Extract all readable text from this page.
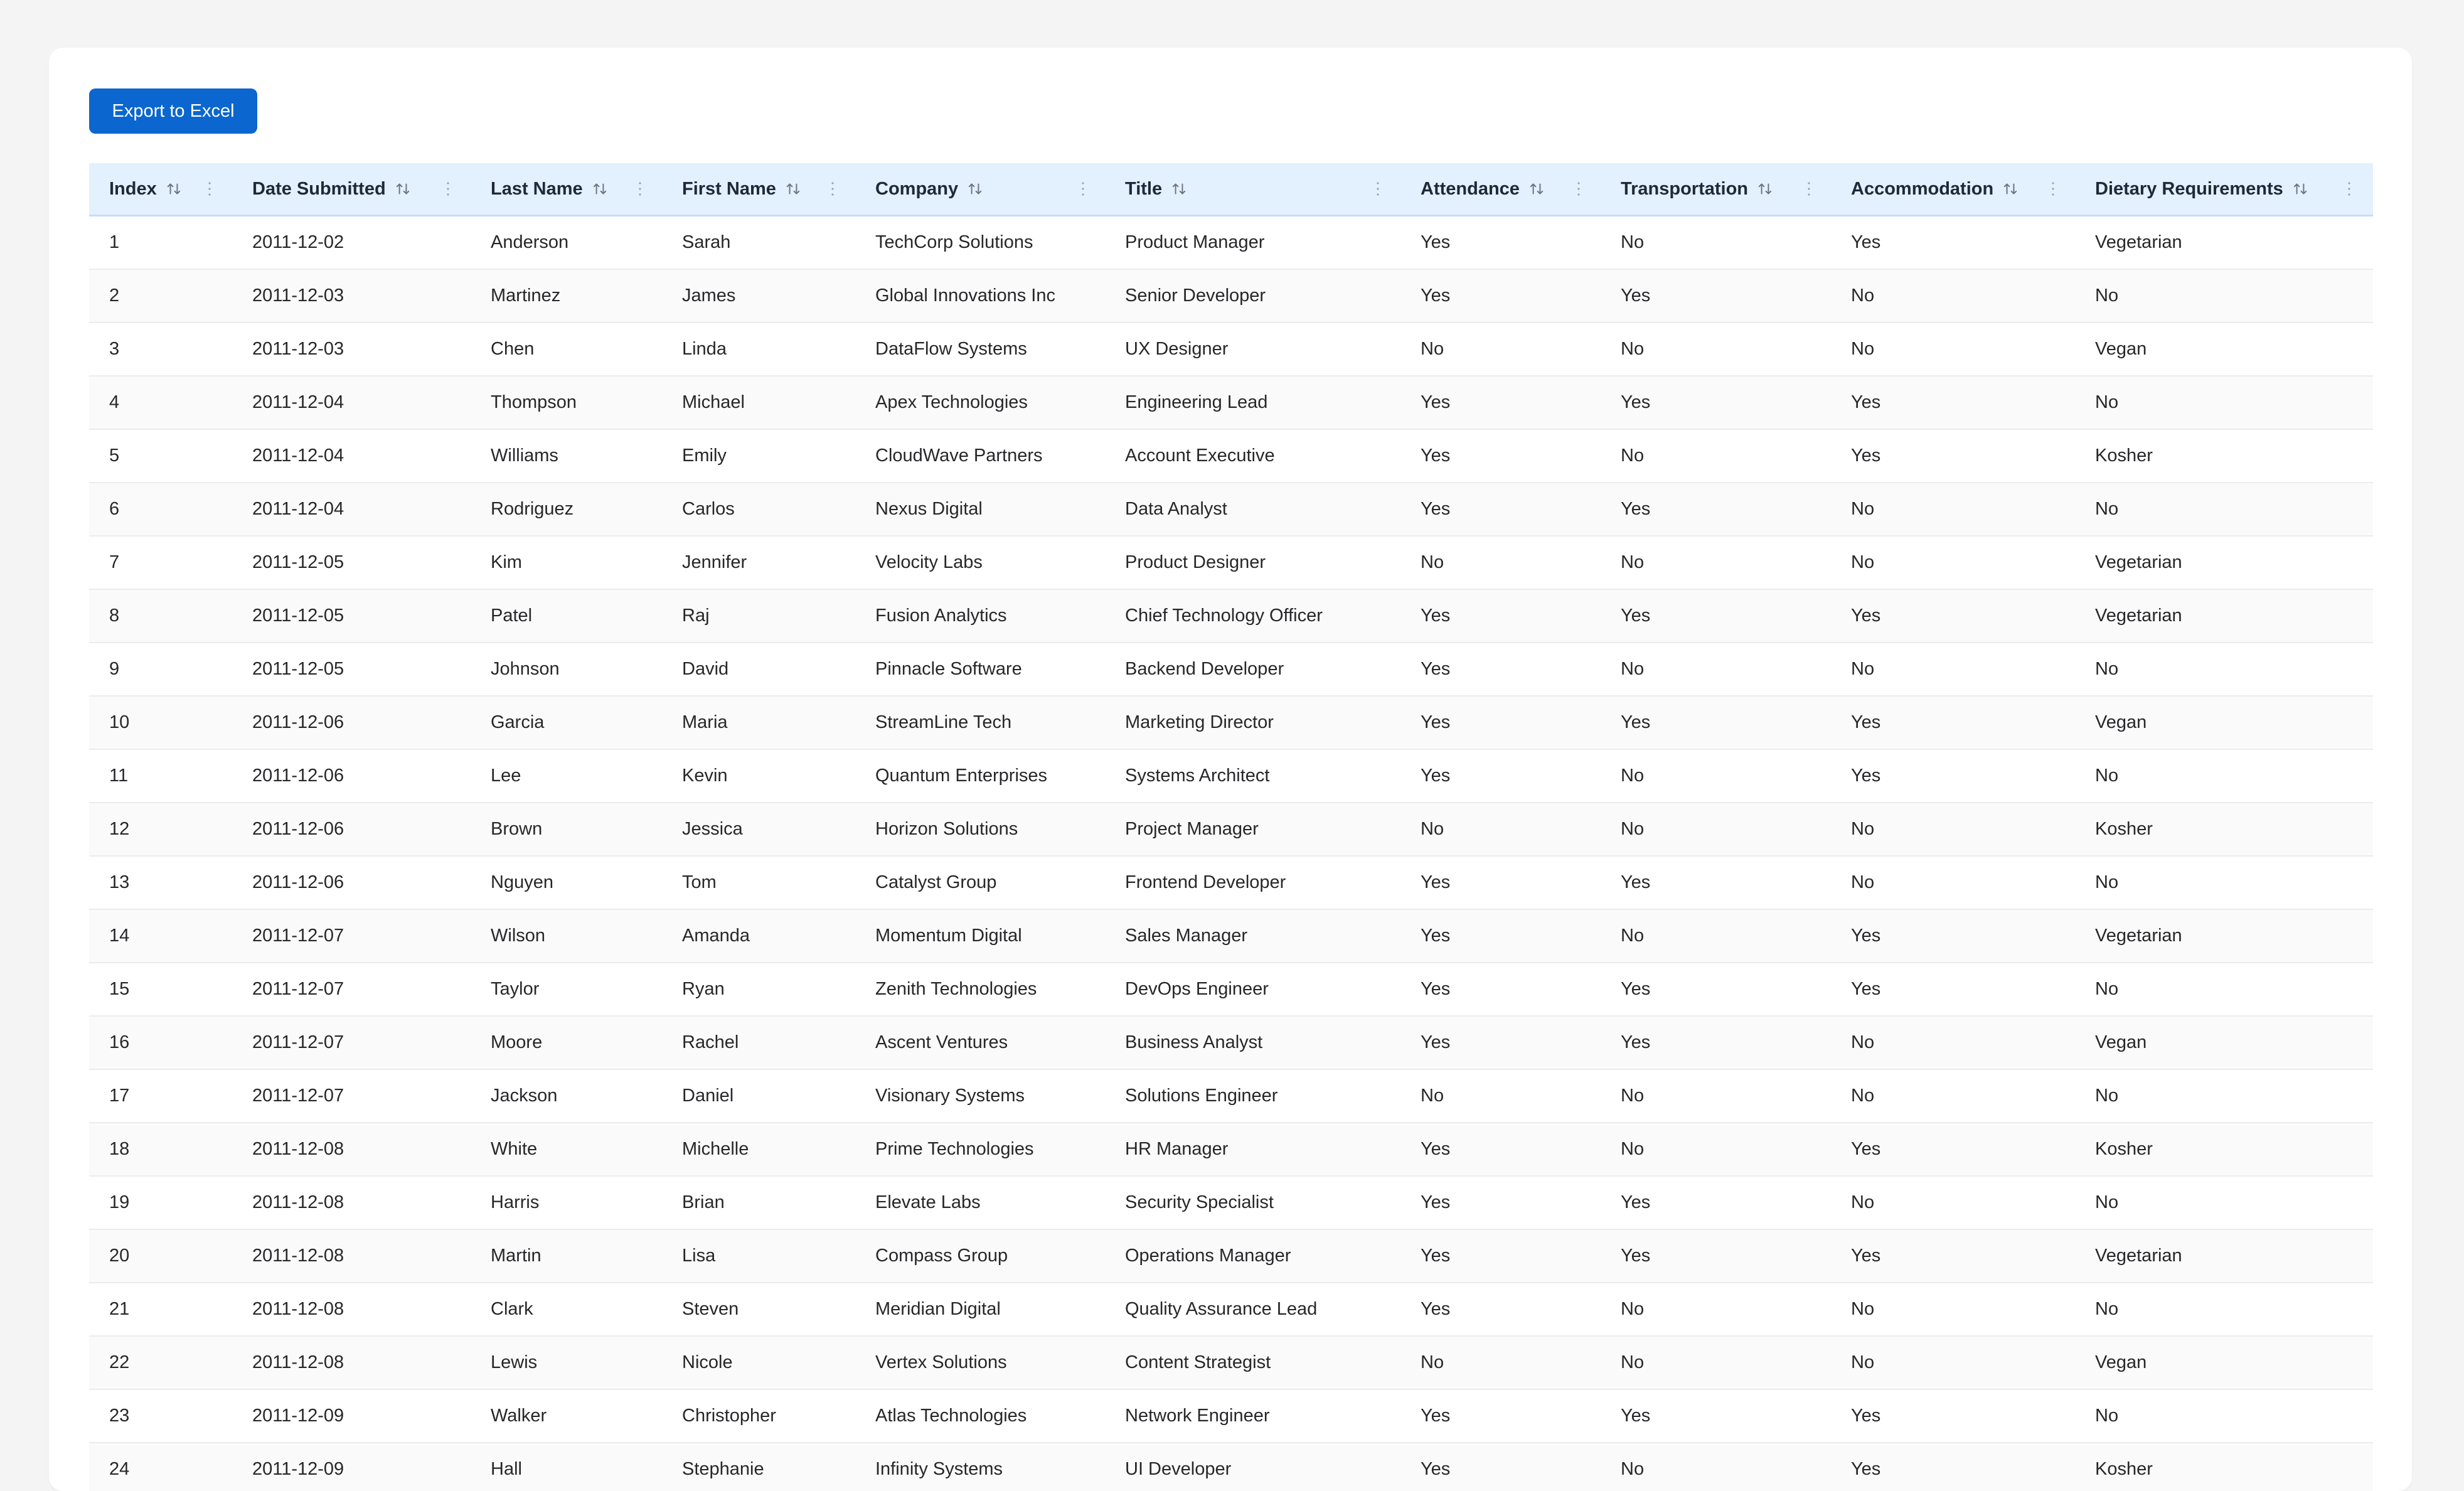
Export to Excel
Index	Date Submitted	Last Name	First Name	Company	Title	Attendance	Transportation	Accommodation	Dietary Requirements
1	2011-12-02	Anderson	Sarah	TechCorp Solutions	Product Manager	Yes	No	Yes	Vegetarian
2	2011-12-03	Martinez	James	Global Innovations Inc	Senior Developer	Yes	Yes	No	No
3	2011-12-03	Chen	Linda	DataFlow Systems	UX Designer	No	No	No	Vegan
4	2011-12-04	Thompson	Michael	Apex Technologies	Engineering Lead	Yes	Yes	Yes	No
5	2011-12-04	Williams	Emily	CloudWave Partners	Account Executive	Yes	No	Yes	Kosher
6	2011-12-04	Rodriguez	Carlos	Nexus Digital	Data Analyst	Yes	Yes	No	No
7	2011-12-05	Kim	Jennifer	Velocity Labs	Product Designer	No	No	No	Vegetarian
8	2011-12-05	Patel	Raj	Fusion Analytics	Chief Technology Officer	Yes	Yes	Yes	Vegetarian
9	2011-12-05	Johnson	David	Pinnacle Software	Backend Developer	Yes	No	No	No
10	2011-12-06	Garcia	Maria	StreamLine Tech	Marketing Director	Yes	Yes	Yes	Vegan
11	2011-12-06	Lee	Kevin	Quantum Enterprises	Systems Architect	Yes	No	Yes	No
12	2011-12-06	Brown	Jessica	Horizon Solutions	Project Manager	No	No	No	Kosher
13	2011-12-06	Nguyen	Tom	Catalyst Group	Frontend Developer	Yes	Yes	No	No
14	2011-12-07	Wilson	Amanda	Momentum Digital	Sales Manager	Yes	No	Yes	Vegetarian
15	2011-12-07	Taylor	Ryan	Zenith Technologies	DevOps Engineer	Yes	Yes	Yes	No
16	2011-12-07	Moore	Rachel	Ascent Ventures	Business Analyst	Yes	Yes	No	Vegan
17	2011-12-07	Jackson	Daniel	Visionary Systems	Solutions Engineer	No	No	No	No
18	2011-12-08	White	Michelle	Prime Technologies	HR Manager	Yes	No	Yes	Kosher
19	2011-12-08	Harris	Brian	Elevate Labs	Security Specialist	Yes	Yes	No	No
20	2011-12-08	Martin	Lisa	Compass Group	Operations Manager	Yes	Yes	Yes	Vegetarian
21	2011-12-08	Clark	Steven	Meridian Digital	Quality Assurance Lead	Yes	No	No	No
22	2011-12-08	Lewis	Nicole	Vertex Solutions	Content Strategist	No	No	No	Vegan
23	2011-12-09	Walker	Christopher	Atlas Technologies	Network Engineer	Yes	Yes	Yes	No
24	2011-12-09	Hall	Stephanie	Infinity Systems	UI Developer	Yes	No	Yes	Kosher
